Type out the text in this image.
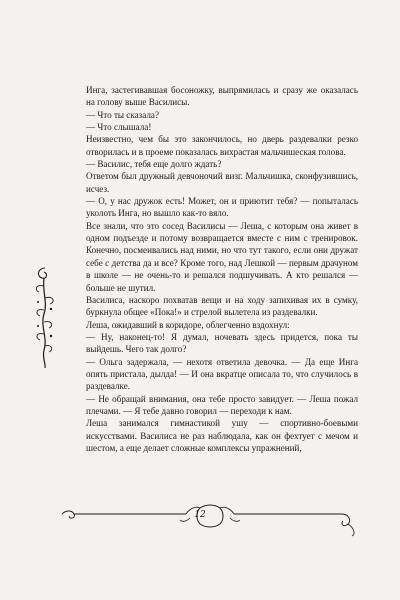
Инга, застегивавшая босоножку, выпрямилась и сразу же оказалась на голову выше Василисы.

— Что ты сказала?

— Что слышала!

Неизвестно, чем бы это закончилось, но дверь раздевалки резко отворилась и в проеме показалась вихрастая мальчишеская голова.

— Василис, тебя еще долго ждать?

Ответом был дружный девчоночий визг. Мальчишка, сконфузившись, исчез.

— О, у нас дружок есть! Может, он и приютит тебя? — попыталась уколоть Инга, но вышло как-то вяло.

Все знали, что это сосед Василисы — Леша, с которым она живет в одном подъезде и потому возвращается вместе с ним с тренировок. Конечно, посмеивались над ними, но что тут такого, если они дружат себе с детства да и все? Кроме того, над Лешкой — первым драчуном в школе — не очень-то и решался подшучивать. А кто решался — больше не шутил.

Василиса, наскоро похватав вещи и на ходу запихивая их в сумку, буркнула общее «Пока!» и стрелой вылетела из раздевалки.

Леша, ожидавший в коридоре, облегченно вздохнул:

— Ну, наконец-то! Я думал, ночевать здесь придется, пока ты выйдешь. Чего так долго?

— Ольга задержала, — нехотя ответила девочка. — Да еще Инга опять пристала, дылда! — И она вкратце описала то, что случилось в раздевалке.

— Не обращай внимания, она тебе просто завидует. — Леша пожал плечами. — Я тебе давно говорил — переходи к нам.

Леша занимался гимнастикой ушу — спортивно-боевыми искусствами. Василиса не раз наблюдала, как он фехтует с мечом и шестом, а еще делает сложные комплексы упражнений,

12
